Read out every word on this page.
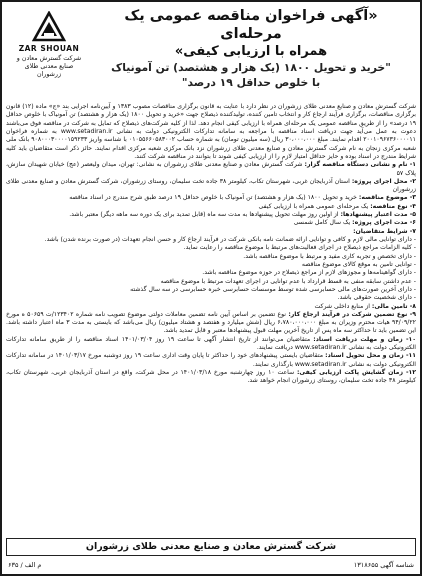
ZAR SHOUAN
شرکت گسترش معادن و صنایع معدنی طلای زرشوران
«آگهی فراخوان مناقصه عمومی یک مرحله‌ای
همراه با ارزیابی کیفی»
"خرید و تحویل ۱۸۰۰ (یک هزار و هشتصد) تن آمونیاک
با خلوص حداقل ۱۹ درصد"

شرکت گسترش معادن و صنایع معدنی طلای زرشوران در نظر دارد با عنایت به قانون برگزاری مناقصات مصوب ۱۳۸۳ و آیین‌نامه اجرایی بند «ج» ماده (۱۲) قانون برگزاری مناقصات، برگزاری فرآیند ارجاع کار و انتخاب تامین کننده، تولیدکننده ذیصلاح جهت «خرید و تحویل ۱۸۰۰ (یک هزار و هشتصد) تن آمونیاک با خلوص حداقل ۱۹ درصد» را از طریق مناقصه عمومی یک مرحله‌ای همراه با ارزیابی کیفی انجام دهد. لذا از کلیه شرکت‌های ذیصلاح که تمایل به شرکت در مناقصه فوق می‌باشند دعوت به عمل می‌آید جهت دریافت اسناد مناقصه با مراجعه به سامانه تدارکات الکترونیکی دولت به نشانی www.setadiran.ir به شماره فراخوان ۲۰۰۱۰۹۶۷۳۶۰۰۰۰۱۱ اقدام نمایند. مبلغ ۳۰،۰۰۰،۰۰۰ ریال (سه میلیون تومان) به شماره حساب ۰۱۰۵۵۶۶۰۵۸۳۰۰۲ با شناسه واریز ۹۰۸۰۰۰۳۰۰۰۰۱۵۹۲۳۳ بانک ملی شعبه مرکزی زنجان به نام شرکت گسترش معادن و صنایع معدنی طلای زرشوران نزد بانک مرکزی شعبه مرکزی اقدام نمایند. حائز ذکر است متقاضیان باید کلیه شرایط مندرج در اسناد بوده و حایز حداقل امتیاز لازم را از ارزیابی کیفی شوند تا بتوانند در مناقصه شرکت کنند.

۱- نام و نشانی دستگاه مناقصه گزار: شرکت گسترش معادن و صنایع معدنی طلای زرشوران به نشانی: تهران، میدان ولیعصر (عج) خیابان شهیدان سازش، پلاک ۵۷

۲- محل اجرای پروژه: استان آذربایجان غربی، شهرستان تکاب، کیلومتر ۳۸ جاده تخت سلیمان، روستای زرشوران، شرکت گسترش معادن و صنایع معدنی طلای زرشوران

۳- موضوع مناقصه: خرید و تحویل ۱۸۰۰ (یک هزار و هشتصد) تن آمونیاک با خلوص حداقل ۱۹ درصد طبق شرح مندرج در اسناد مناقصه

۴- نوع مناقصه: یک مرحله‌ای عمومی همراه با ارزیابی کیفی

۵- مدت اعتبار پیشنهادها: از اولین روز مهلت تحویل پیشنهادها به مدت سه ماه (قابل تمدید برای یک دوره سه ماهه دیگر) معتبر باشد.

۶- مدت اجرای پروژه: یک سال کامل شمسی

۷- شرایط متقاضیان:

- دارای توانایی مالی لازم و کافی و توانایی ارائه ضمانت نامه بانکی شرکت در فرآیند ارجاع کار و حسن انجام تعهدات (در صورت برنده شدن) باشد.

- کلیه الزامات مراجع ذیصلاح در اجرای فعالیت‌های مرتبط با موضوع مناقصه را رعایت نماید.

- دارای تخصص و تجربه کاری مفید و مرتبط با موضوع مناقصه باشد.

- توانایی تامین به موقع کالای موضوع مناقصه

- دارای گواهینامه‌ها و مجوزهای لازم از مراجع ذیصلاح در حوزه موضوع مناقصه باشد.

- عدم داشتن سابقه منفی به قسط قرارداد با عدم توانایی در اجرای تعهدات مرتبط با موضوع مناقصه

- دارای آخرین صورت‌های مالی حسابرسی شده توسط موسسات حسابرسی خبره حسابرسی در سه سال گذشته

- دارای شخصیت حقوقی باشد.

۸- تامین مالی: از منابع داخلی شرکت

۹- نوع تضمین شرکت در فرآیند ارجاع کار: نوع تضمین بر اساس آیین نامه تضمین معاملات دولتی موضوع تصویب نامه شماره ۱۲۳۴۰۲/ت ۵۰۶۵۹ ه مورخ ۹۴/۰۹/۲۲ هیات محترم وزیران به مبلغ ۶،۷۸۰،۰۰۰،۰۰۰ ریال (شش میلیارد و هفتصد و هشتاد میلیون) ریال می‌باشد که بایستی به مدت ۳ ماه اعتبار داشته باشد. این تضمین باید تا حداکثر سه ماه پس از تاریخ آخرین مهلت قبول پیشنهادها معتبر و قابل تمدید باشد.

۱۰- زمان و مهلت دریافت اسناد: متقاضیان می‌توانند از تاریخ انتشار آگهی تا ساعت ۱۹ روز ۱۴۰۱/۰۳/۰۴ اسناد مناقصه را از طریق سامانه تدارکات الکترونیکی دولت به نشانی www.setadiran.ir دریافت نمایند.

۱۱- زمان و محل تحویل اسناد: متقاضیان بایستی پیشنهادهای خود را حداکثر تا پایان وقت اداری ساعت ۱۹ روز دوشنبه مورخ ۱۴۰۱/۰۳/۱۷ در سامانه تدارکات الکترونیکی دولت به نشانی www.setadiran.ir بارگذاری نمایند.

۱۲- زمان گشایش پاکت ارزیابی کیفی: ساعت ۱۰ روز چهارشنبه مورخ ۱۴۰۱/۰۳/۱۸ در محل شرکت، واقع در استان آذربایجان غربی، شهرستان تکاب، کیلومتر ۳۸ جاده تخت سلیمان، روستای زرشوران انجام خواهد شد.

شرکت گسترش معادن و صنایع معدنی طلای زرشوران
شناسه آگهی ۱۳۱۸۶۵۵
۶۳۵ / م الف
